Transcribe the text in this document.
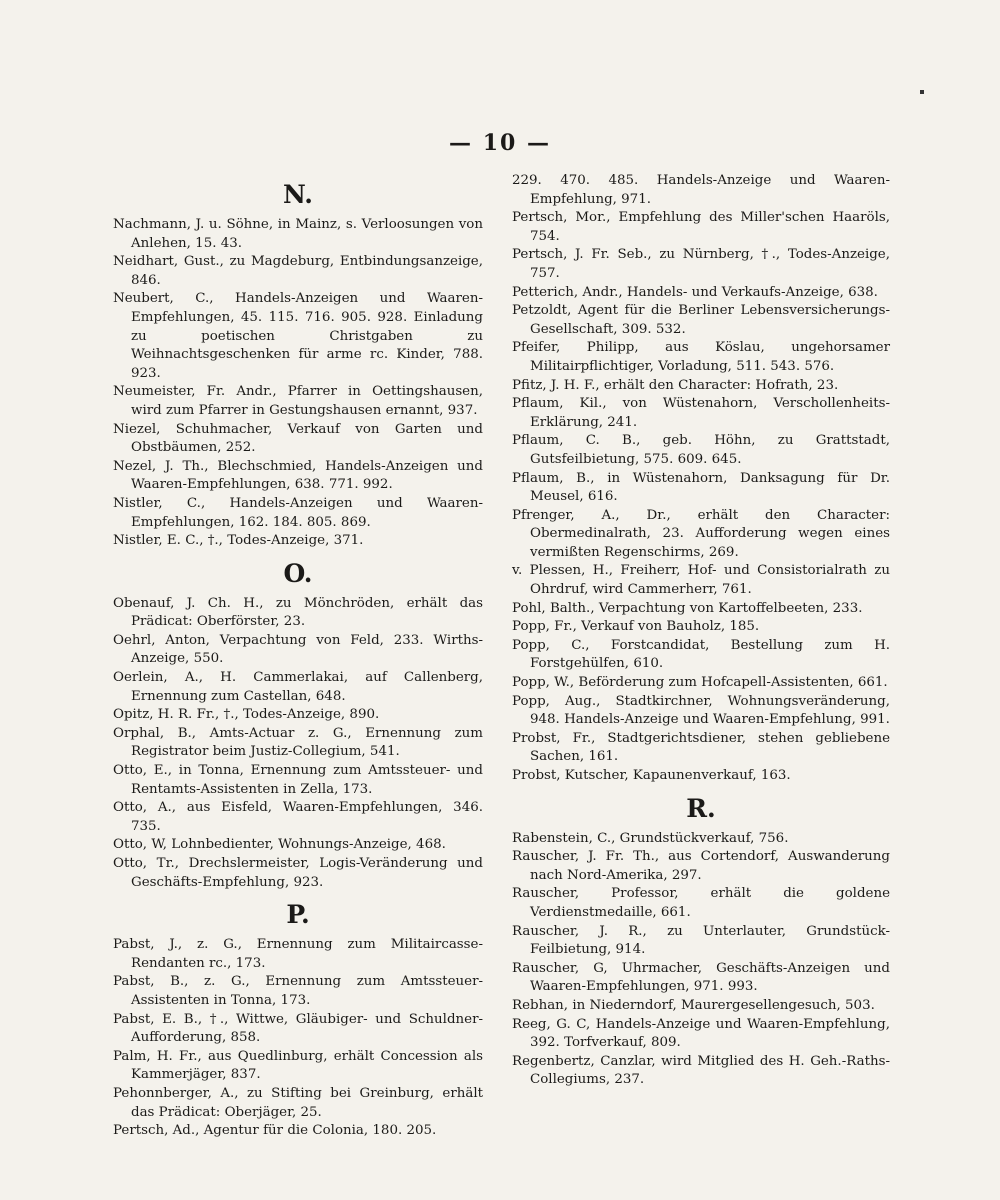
— 10 —
N.
Nachmann, J. u. Söhne, in Mainz, s. Verloosungen von Anlehen, 15. 43.
Neidhart, Gust., zu Magdeburg, Entbindungsanzeige, 846.
Neubert, C., Handels-Anzeigen und Waaren-Empfehlungen, 45. 115. 716. 905. 928. Einladung zu poetischen Christgaben zu Weihnachtsgeschenken für arme rc. Kinder, 788. 923.
Neumeister, Fr. Andr., Pfarrer in Oettingshausen, wird zum Pfarrer in Gestungshausen ernannt, 937.
Niezel, Schuhmacher, Verkauf von Garten und Obstbäumen, 252.
Nezel, J. Th., Blechschmied, Handels-Anzeigen und Waaren-Empfehlungen, 638. 771. 992.
Nistler, C., Handels-Anzeigen und Waaren-Empfehlungen, 162. 184. 805. 869.
Nistler, E. C., †., Todes-Anzeige, 371.
O.
Obenauf, J. Ch. H., zu Mönchröden, erhält das Prädicat: Oberförster, 23.
Oehrl, Anton, Verpachtung von Feld, 233. Wirths-Anzeige, 550.
Oerlein, A., H. Cammerlakai, auf Callenberg, Ernennung zum Castellan, 648.
Opitz, H. R. Fr., †., Todes-Anzeige, 890.
Orphal, B., Amts-Actuar z. G., Ernennung zum Registrator beim Justiz-Collegium, 541.
Otto, E., in Tonna, Ernennung zum Amtssteuer- und Rentamts-Assistenten in Zella, 173.
Otto, A., aus Eisfeld, Waaren-Empfehlungen, 346. 735.
Otto, W, Lohnbedienter, Wohnungs-Anzeige, 468.
Otto, Tr., Drechslermeister, Logis-Veränderung und Geschäfts-Empfehlung, 923.
P.
Pabst, J., z. G., Ernennung zum Militaircasse-Rendanten rc., 173.
Pabst, B., z. G., Ernennung zum Amtssteuer-Assistenten in Tonna, 173.
Pabst, E. B., †., Wittwe, Gläubiger- und Schuldner-Aufforderung, 858.
Palm, H. Fr., aus Quedlinburg, erhält Concession als Kammerjäger, 837.
Pehonnberger, A., zu Stifting bei Greinburg, erhält das Prädicat: Oberjäger, 25.
Pertsch, Ad., Agentur für die Colonia, 180. 205.
229. 470. 485. Handels-Anzeige und Waaren-Empfehlung, 971.
Pertsch, Mor., Empfehlung des Miller'schen Haaröls, 754.
Pertsch, J. Fr. Seb., zu Nürnberg, †., Todes-Anzeige, 757.
Petterich, Andr., Handels- und Verkaufs-Anzeige, 638.
Petzoldt, Agent für die Berliner Lebensversicherungs-Gesellschaft, 309. 532.
Pfeifer, Philipp, aus Köslau, ungehorsamer Militairpflichtiger, Vorladung, 511. 543. 576.
Pfitz, J. H. F., erhält den Character: Hofrath, 23.
Pflaum, Kil., von Wüstenahorn, Verschollenheits-Erklärung, 241.
Pflaum, C. B., geb. Höhn, zu Grattstadt, Gutsfeilbietung, 575. 609. 645.
Pflaum, B., in Wüstenahorn, Danksagung für Dr. Meusel, 616.
Pfrenger, A., Dr., erhält den Character: Obermedinalrath, 23. Aufforderung wegen eines vermißten Regenschirms, 269.
v. Plessen, H., Freiherr, Hof- und Consistorialrath zu Ohrdruf, wird Cammerherr, 761.
Pohl, Balth., Verpachtung von Kartoffelbeeten, 233.
Popp, Fr., Verkauf von Bauholz, 185.
Popp, C., Forstcandidat, Bestellung zum H. Forstgehülfen, 610.
Popp, W., Beförderung zum Hofcapell-Assistenten, 661.
Popp, Aug., Stadtkirchner, Wohnungsveränderung, 948. Handels-Anzeige und Waaren-Empfehlung, 991.
Probst, Fr., Stadtgerichtsdiener, stehen gebliebene Sachen, 161.
Probst, Kutscher, Kapaunenverkauf, 163.
R.
Rabenstein, C., Grundstückverkauf, 756.
Rauscher, J. Fr. Th., aus Cortendorf, Auswanderung nach Nord-Amerika, 297.
Rauscher, Professor, erhält die goldene Verdienstmedaille, 661.
Rauscher, J. R., zu Unterlauter, Grundstück-Feilbietung, 914.
Rauscher, G, Uhrmacher, Geschäfts-Anzeigen und Waaren-Empfehlungen, 971. 993.
Rebhan, in Niederndorf, Maurergesellengesuch, 503.
Reeg, G. C, Handels-Anzeige und Waaren-Empfehlung, 392. Torfverkauf, 809.
Regenbertz, Canzlar, wird Mitglied des H. Geh.-Raths-Collegiums, 237.
